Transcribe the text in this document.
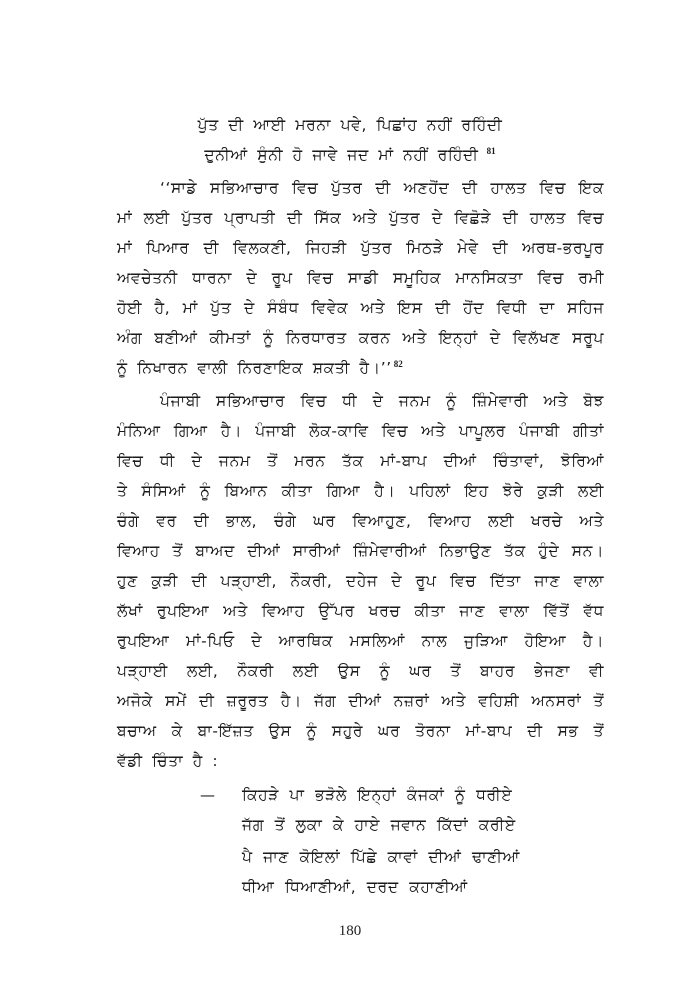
ਪੁੱਤ ਦੀ ਆਈ ਮਰਨਾ ਪਵੇ, ਪਿਛਾਂਹ ਨਹੀਂ ਰਹਿੰਦੀ
ਦੁਨੀਆਂ ਸੁੰਨੀ ਹੋ ਜਾਵੇ ਜਦ ਮਾਂ ਨਹੀਂ ਰਹਿੰਦੀ $^{81}$
‘‘ਸਾਡੇ ਸਭਿਆਚਾਰ ਵਿਚ ਪੁੱਤਰ ਦੀ ਅਣਹੋਂਦ ਦੀ ਹਾਲਤ ਵਿਚ ਇਕ
ਮਾਂ ਲਈ ਪੁੱਤਰ ਪ੍ਰਾਪਤੀ ਦੀ ਸਿੱਕ ਅਤੇ ਪੁੱਤਰ ਦੇ ਵਿਛੋੜੇ ਦੀ ਹਾਲਤ ਵਿਚ
ਮਾਂ ਪਿਆਰ ਦੀ ਵਿਲਕਣੀ, ਜਿਹੜੀ ਪੁੱਤਰ ਮਿਠੜੇ ਮੇਵੇ ਦੀ ਅਰਥ-ਭਰਪੂਰ
ਅਵਚੇਤਨੀ ਧਾਰਨਾ ਦੇ ਰੂਪ ਵਿਚ ਸਾਡੀ ਸਮੂਹਿਕ ਮਾਨਸਿਕਤਾ ਵਿਚ ਰਮੀ
ਹੋਈ ਹੈ, ਮਾਂ ਪੁੱਤ ਦੇ ਸੰਬੰਧ ਵਿਵੇਕ ਅਤੇ ਇਸ ਦੀ ਹੋਂਦ ਵਿਧੀ ਦਾ ਸਹਿਜ
ਅੰਗ ਬਣੀਆਂ ਕੀਮਤਾਂ ਨੂੰ ਨਿਰਧਾਰਤ ਕਰਨ ਅਤੇ ਇਨ੍ਹਾਂ ਦੇ ਵਿਲੱਖਣ ਸਰੂਪ
ਨੂੰ ਨਿਖਾਰਨ ਵਾਲੀ ਨਿਰਣਾਇਕ ਸ਼ਕਤੀ ਹੈ।’’ $^{82}$
ਪੰਜਾਬੀ ਸਭਿਆਚਾਰ ਵਿਚ ਧੀ ਦੇ ਜਨਮ ਨੂੰ ਜ਼ਿੰਮੇਵਾਰੀ ਅਤੇ ਬੋਝ
ਮੰਨਿਆ ਗਿਆ ਹੈ। ਪੰਜਾਬੀ ਲੋਕ-ਕਾਵਿ ਵਿਚ ਅਤੇ ਪਾਪੂਲਰ ਪੰਜਾਬੀ ਗੀਤਾਂ
ਵਿਚ ਧੀ ਦੇ ਜਨਮ ਤੋਂ ਮਰਨ ਤੱਕ ਮਾਂ-ਬਾਪ ਦੀਆਂ ਚਿੰਤਾਵਾਂ, ਝੋਰਿਆਂ
ਤੇ ਸੰਸਿਆਂ ਨੂੰ ਬਿਆਨ ਕੀਤਾ ਗਿਆ ਹੈ। ਪਹਿਲਾਂ ਇਹ ਝੋਰੇ ਕੁੜੀ ਲਈ
ਚੰਗੇ ਵਰ ਦੀ ਭਾਲ, ਚੰਗੇ ਘਰ ਵਿਆਹੁਣ, ਵਿਆਹ ਲਈ ਖਰਚੇ ਅਤੇ
ਵਿਆਹ ਤੋਂ ਬਾਅਦ ਦੀਆਂ ਸਾਰੀਆਂ ਜ਼ਿੰਮੇਵਾਰੀਆਂ ਨਿਭਾਉਣ ਤੱਕ ਹੁੰਦੇ ਸਨ।
ਹੁਣ ਕੁੜੀ ਦੀ ਪੜ੍ਹਾਈ, ਨੌਕਰੀ, ਦਹੇਜ ਦੇ ਰੂਪ ਵਿਚ ਦਿੱਤਾ ਜਾਣ ਵਾਲਾ
ਲੱਖਾਂ ਰੁਪਇਆ ਅਤੇ ਵਿਆਹ ਉੱਪਰ ਖਰਚ ਕੀਤਾ ਜਾਣ ਵਾਲਾ ਵਿੱਤੋਂ ਵੱਧ
ਰੁਪਇਆ ਮਾਂ-ਪਿਓ ਦੇ ਆਰਥਿਕ ਮਸਲਿਆਂ ਨਾਲ ਜੁੜਿਆ ਹੋਇਆ ਹੈ।
ਪੜ੍ਹਾਈ ਲਈ, ਨੌਕਰੀ ਲਈ ਉਸ ਨੂੰ ਘਰ ਤੋਂ ਬਾਹਰ ਭੇਜਣਾ ਵੀ
ਅਜੋਕੇ ਸਮੇਂ ਦੀ ਜ਼ਰੂਰਤ ਹੈ। ਜੱਗ ਦੀਆਂ ਨਜ਼ਰਾਂ ਅਤੇ ਵਹਿਸ਼ੀ ਅਨਸਰਾਂ ਤੋਂ
ਬਚਾਅ ਕੇ ਬਾ-ਇੱਜ਼ਤ ਉਸ ਨੂੰ ਸਹੁਰੇ ਘਰ ਤੋਰਨਾ ਮਾਂ-ਬਾਪ ਦੀ ਸਭ ਤੋਂ
ਵੱਡੀ ਚਿੰਤਾ ਹੈ :
— ਕਿਹੜੇ ਪਾ ਭੜੋਲੇ ਇਨ੍ਹਾਂ ਕੰਜਕਾਂ ਨੂੰ ਧਰੀਏ
ਜੱਗ ਤੋਂ ਲੁਕਾ ਕੇ ਹਾਏ ਜਵਾਨ ਕਿੱਦਾਂ ਕਰੀਏ
ਪੈ ਜਾਣ ਕੋਇਲਾਂ ਪਿੱਛੇ ਕਾਵਾਂ ਦੀਆਂ ਢਾਣੀਆਂ
ਧੀਆ ਧਿਆਣੀਆਂ, ਦਰਦ ਕਹਾਣੀਆਂ
180
